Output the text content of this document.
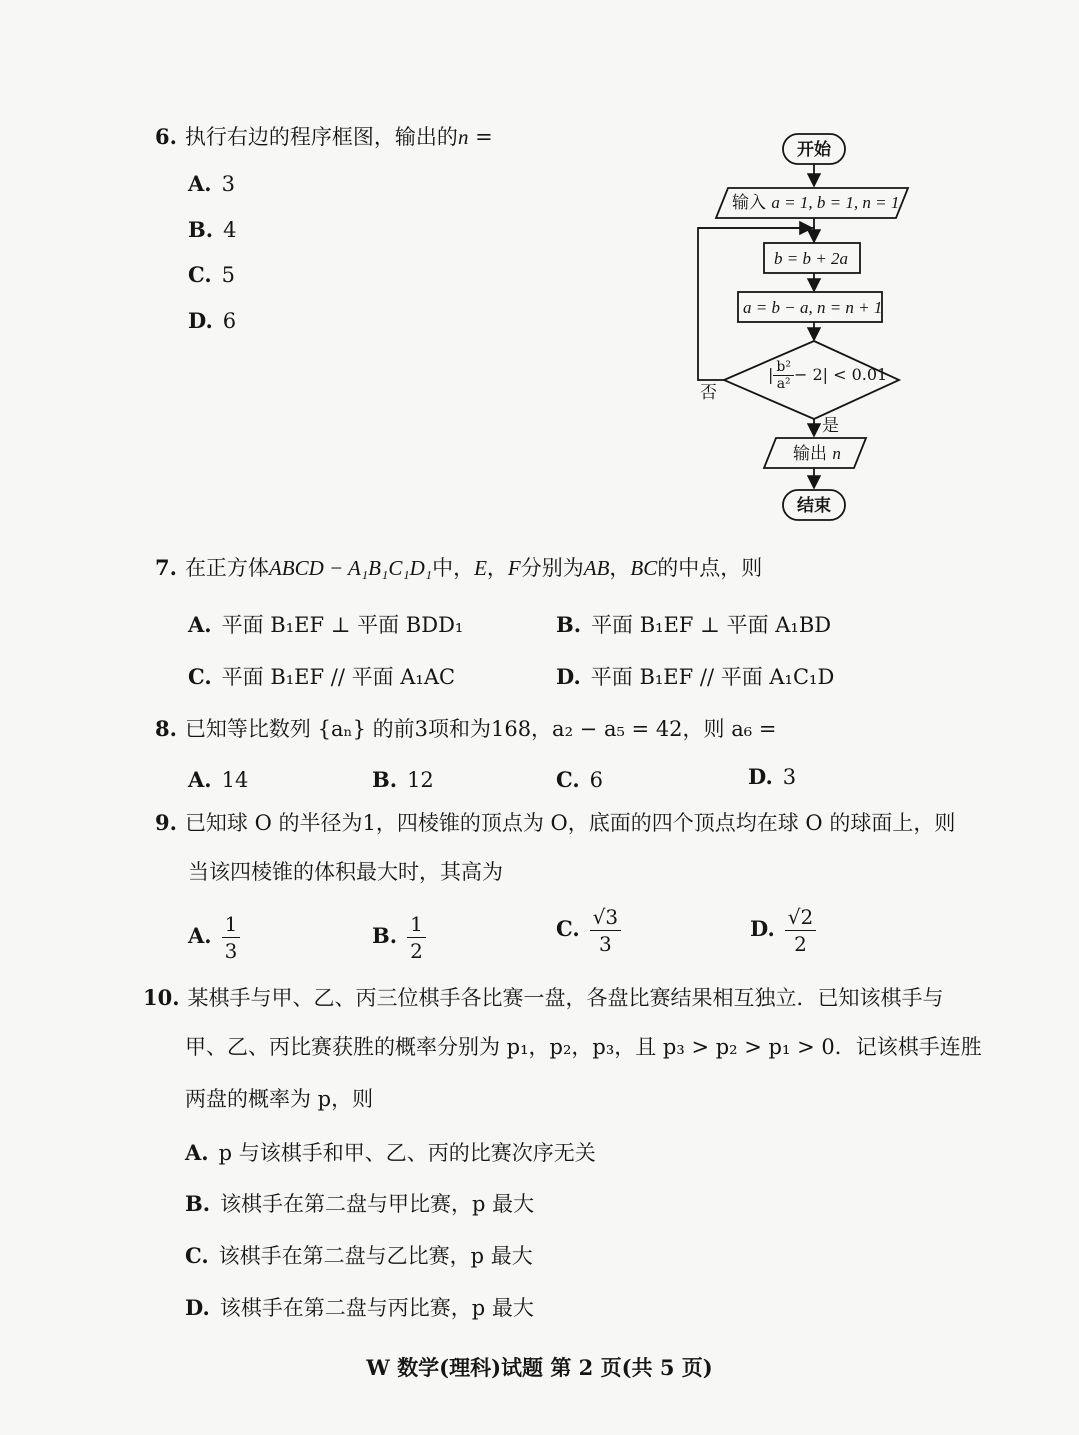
6. 执行右边的程序框图，输出的n =
A. 3
B. 4
C. 5
D. 6
开始
输入 a = 1, b = 1, n = 1
b = b + 2a
a = b − a, n = n + 1
| $\frac{\text{b²}}{\text{a²}} - 2| < 0.01$
否
是
输出 n
结束
7. 在正方体ABCD − A₁B₁C₁D₁中，E，F分别为AB，BC的中点，则
A. 平面 B₁EF ⊥ 平面 BDD₁	B. 平面 B₁EF ⊥ 平面 A₁BD
C. 平面 B₁EF // 平面 A₁AC	D. 平面 B₁EF // 平面 A₁C₁D
8. 已知等比数列 {aₙ} 的前3项和为168，a₂ − a₅ = 42，则 a₆ =
A. 14	B. 12	C. 6	D. 3
9. 已知球 O 的半径为1，四棱锥的顶点为 O，底面的四个顶点均在球 O 的球面上，则
当该四棱锥的体积最大时，其高为
A. $\frac{1}{3}$	B. $\frac{1}{2}$	C. $\frac{√3}{3}$	D. $\frac{√2}{2}$
10. 某棋手与甲、乙、丙三位棋手各比赛一盘，各盘比赛结果相互独立．已知该棋手与
甲、乙、丙比赛获胜的概率分别为 p₁，p₂，p₃，且 p₃ > p₂ > p₁ > 0．记该棋手连胜
两盘的概率为 p，则
A. p 与该棋手和甲、乙、丙的比赛次序无关
B. 该棋手在第二盘与甲比赛，p 最大
C. 该棋手在第二盘与乙比赛，p 最大
D. 该棋手在第二盘与丙比赛，p 最大
W 数学(理科)试题 第 2 页(共 5 页)
